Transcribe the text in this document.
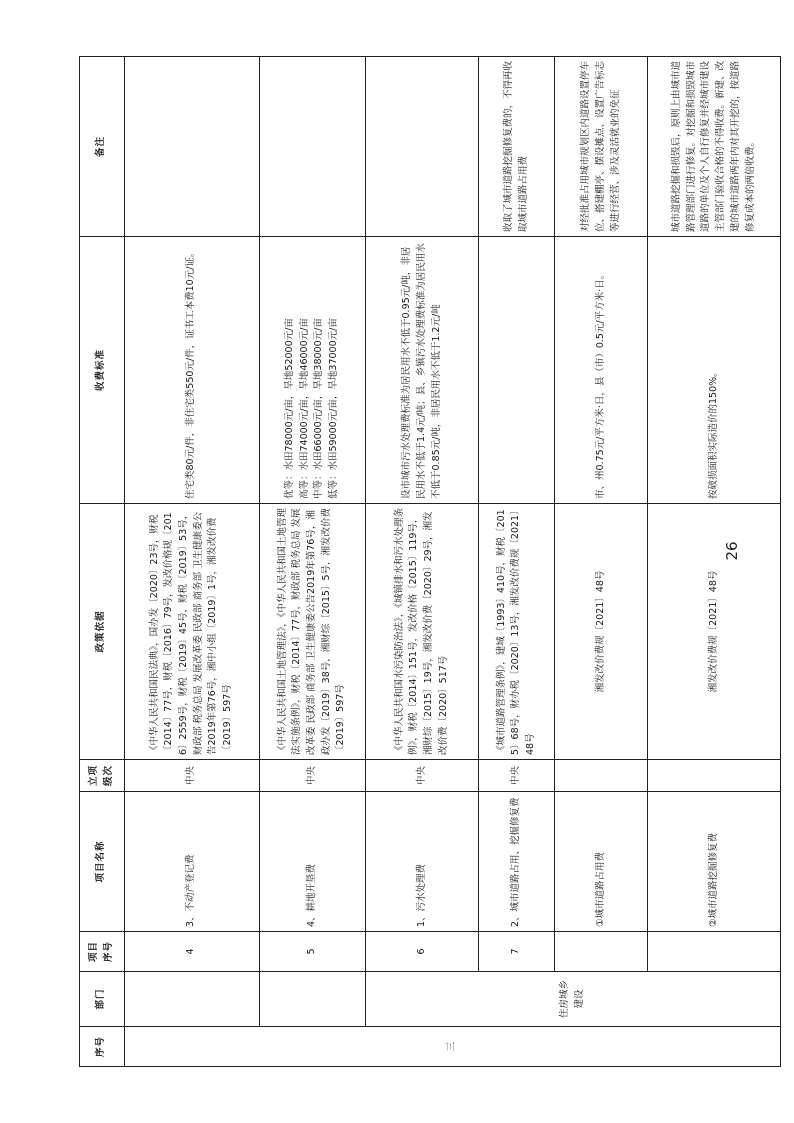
序号	部门	项目序号	项目名称	立项级次	政策依据	收费标准	备注
三		4	3、不动产登记费	中央	《中华人民共和国民法典》，国办发〔2020〕23号，财税〔2014〕77号，财税〔2016〕79号，发改价格规〔2016〕2559号，财税〔2019〕45号，财税〔2019〕53号，财政部 税务总局 发展改革委 民政部 商务部 卫生健康委公告2019年第76号，湘中小组〔2019〕1号，湘发改价费〔2019〕597号	住宅类80元/件，非住宅类550元/件，证书工本费10元/证。	
		5	4、耕地开垦费	中央	《中华人民共和国土地管理法》，《中华人民共和国土地管理法实施条例》，财税〔2014〕77号，财政部 税务总局 发展改革委 民政部 商务部 卫生健康委公告2019年第76号，湘政办发〔2019〕38号，湘财综〔2015〕5号，湘发改价费〔2019〕597号	优等：水田78000元/亩，旱地52000元/亩
高等：水田74000元/亩，旱地46000元/亩
中等：水田66000元/亩，旱地38000元/亩
低等：水田59000元/亩，旱地37000元/亩	
	住房城乡建设	6	1、污水处理费	中央	《中华人民共和国水污染防治法》，《城镇排水和污水处理条例》，财税〔2014〕151号，发改价格〔2015〕119号，湘财综〔2015〕19号，湘发改价费〔2020〕29号，湘发改价费〔2020〕517号	设市城市污水处理费标准为居民用水不低于0.95元/吨，非居民用水不低于1.4元/吨；县、乡镇污水处理费标准为居民用水不低于0.85元/吨，非居民用水不低于1.2元/吨	
		7	2、城市道路占用、挖掘修复费	中央	《城市道路管理条例》，建城〔1993〕410号，财税〔2015〕68号，财办税〔2020〕13号，湘发改价费规〔2021〕48号		收取了城市道路挖掘修复费的，不得再收取城市道路占用费
			①城市道路占用费		湘发改价费规〔2021〕48号	市、州0.75元/平方米·日，县（市）0.5元/平方米·日。	对经批准占用城市规划区内道路设置停车位、搭建棚亭、摆设摊点、设置广告标志等进行经营、涉及灵活就业的免征
			②城市道路挖掘修复费		湘发改价费规〔2021〕48号	按破损面积实际造价的150%。	城市道路挖掘和损毁后，原则上由城市道路管理部门进行修复。对挖掘和损毁城市道路的单位及个人自行修复并经城市建设主管部门验收合格的不得收费。新建、改建的城市道路两年内对其开挖的，按道路修复成本的两倍收费。
26
